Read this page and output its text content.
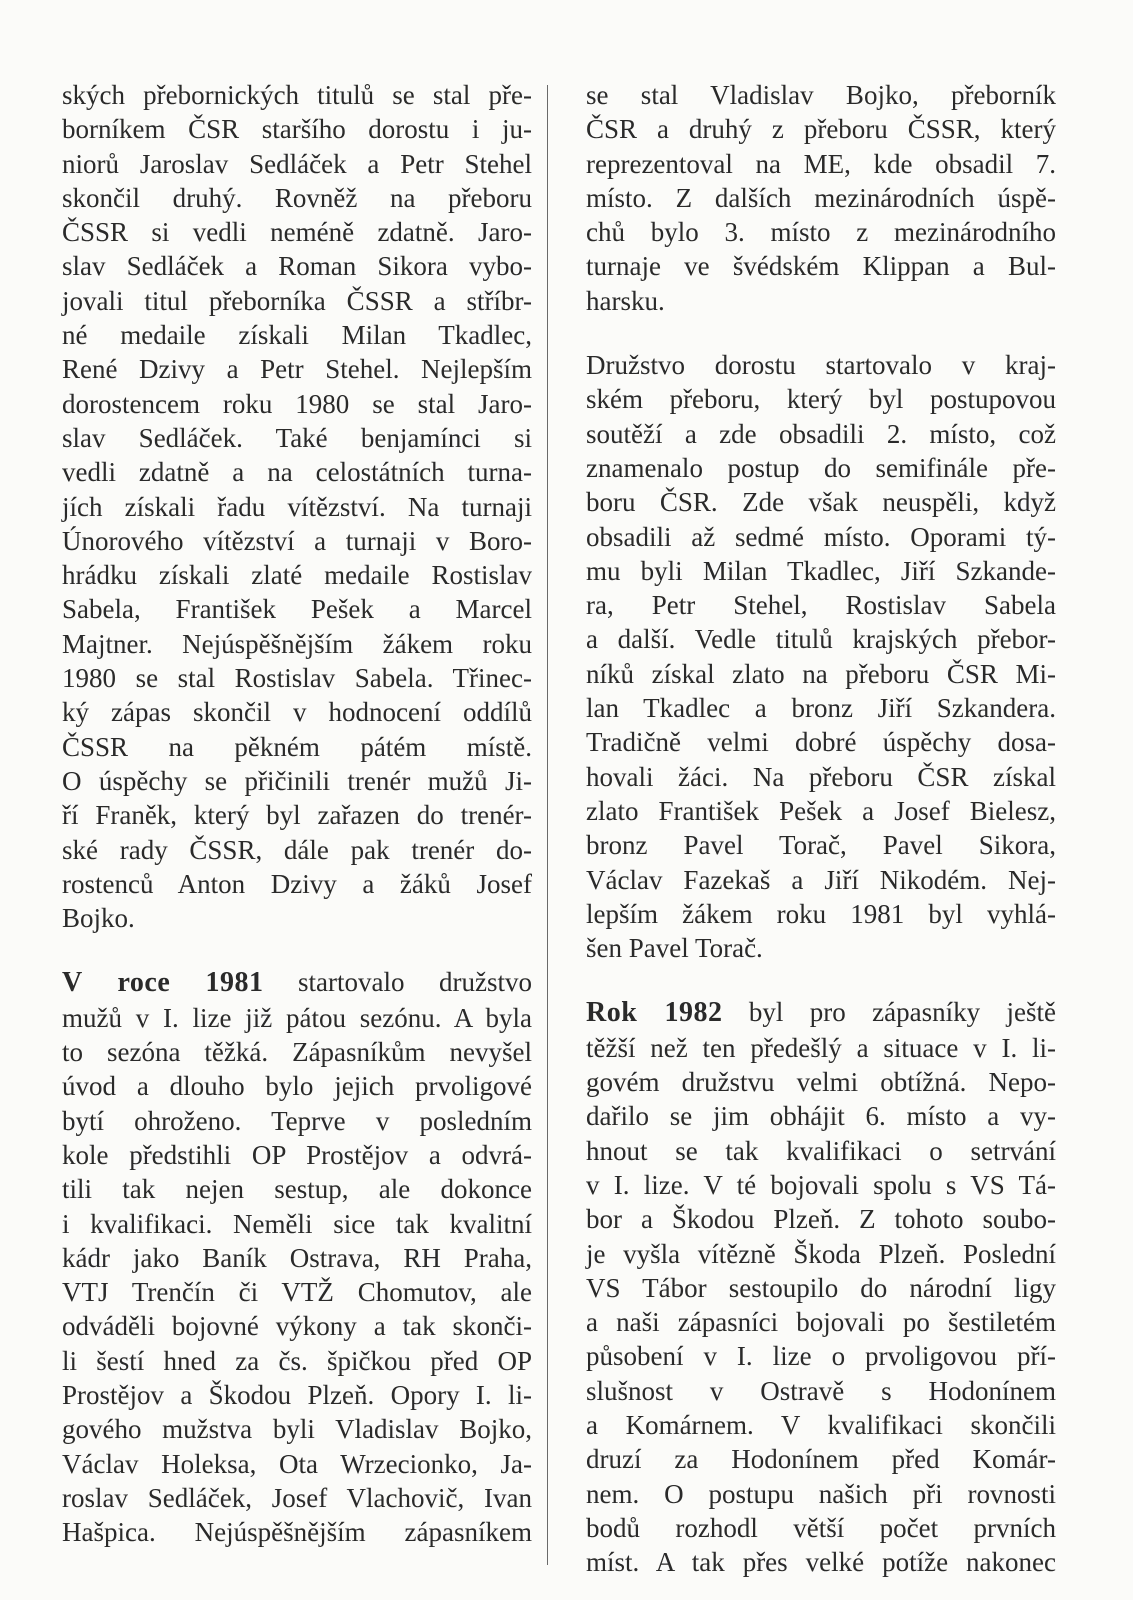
ských přebornických titulů se stal pře-
borníkem ČSR staršího dorostu i ju-
niorů Jaroslav Sedláček a Petr Stehel
skončil druhý. Rovněž na přeboru
ČSSR si vedli neméně zdatně. Jaro-
slav Sedláček a Roman Sikora vybo-
jovali titul přeborníka ČSSR a stříbr-
né medaile získali Milan Tkadlec,
René Dzivy a Petr Stehel. Nejlepším
dorostencem roku 1980 se stal Jaro-
slav Sedláček. Také benjamínci si
vedli zdatně a na celostátních turna-
jích získali řadu vítězství. Na turnaji
Únorového vítězství a turnaji v Boro-
hrádku získali zlaté medaile Rostislav
Sabela, František Pešek a Marcel
Majtner. Nejúspěšnějším žákem roku
1980 se stal Rostislav Sabela. Třinec-
ký zápas skončil v hodnocení oddílů
ČSSR na pěkném pátém místě.
O úspěchy se přičinili trenér mužů Ji-
ří Franěk, který byl zařazen do trenér-
ské rady ČSSR, dále pak trenér do-
rostenců Anton Dzivy a žáků Josef
Bojko.

V roce 1981 startovalo družstvo
mužů v I. lize již pátou sezónu. A byla
to sezóna těžká. Zápasníkům nevyšel
úvod a dlouho bylo jejich prvoligové
bytí ohroženo. Teprve v posledním
kole předstihli OP Prostějov a odvrá-
tili tak nejen sestup, ale dokonce
i kvalifikaci. Neměli sice tak kvalitní
kádr jako Baník Ostrava, RH Praha,
VTJ Trenčín či VTŽ Chomutov, ale
odváděli bojovné výkony a tak skonči-
li šestí hned za čs. špičkou před OP
Prostějov a Škodou Plzeň. Opory I. li-
gového mužstva byli Vladislav Bojko,
Václav Holeksa, Ota Wrzecionko, Ja-
roslav Sedláček, Josef Vlachovič, Ivan
Hašpica. Nejúspěšnějším zápasníkem

se stal Vladislav Bojko, přeborník
ČSR a druhý z přeboru ČSSR, který
reprezentoval na ME, kde obsadil 7.
místo. Z dalších mezinárodních úspě-
chů bylo 3. místo z mezinárodního
turnaje ve švédském Klippan a Bul-
harsku.

Družstvo dorostu startovalo v kraj-
ském přeboru, který byl postupovou
soutěží a zde obsadili 2. místo, což
znamenalo postup do semifinále pře-
boru ČSR. Zde však neuspěli, když
obsadili až sedmé místo. Oporami tý-
mu byli Milan Tkadlec, Jiří Szkande-
ra, Petr Stehel, Rostislav Sabela
a další. Vedle titulů krajských přebor-
níků získal zlato na přeboru ČSR Mi-
lan Tkadlec a bronz Jiří Szkandera.
Tradičně velmi dobré úspěchy dosa-
hovali žáci. Na přeboru ČSR získal
zlato František Pešek a Josef Bielesz,
bronz Pavel Torač, Pavel Sikora,
Václav Fazekaš a Jiří Nikodém. Nej-
lepším žákem roku 1981 byl vyhlá-
šen Pavel Torač.

Rok 1982 byl pro zápasníky ještě
těžší než ten předešlý a situace v I. li-
govém družstvu velmi obtížná. Nepo-
dařilo se jim obhájit 6. místo a vy-
hnout se tak kvalifikaci o setrvání
v I. lize. V té bojovali spolu s VS Tá-
bor a Škodou Plzeň. Z tohoto soubo-
je vyšla vítězně Škoda Plzeň. Poslední
VS Tábor sestoupilo do národní ligy
a naši zápasníci bojovali po šestiletém
působení v I. lize o prvoligovou pří-
slušnost v Ostravě s Hodonínem
a Komárnem. V kvalifikaci skončili
druzí za Hodonínem před Komár-
nem. O postupu našich při rovnosti
bodů rozhodl větší počet prvních
míst. A tak přes velké potíže nakonec
